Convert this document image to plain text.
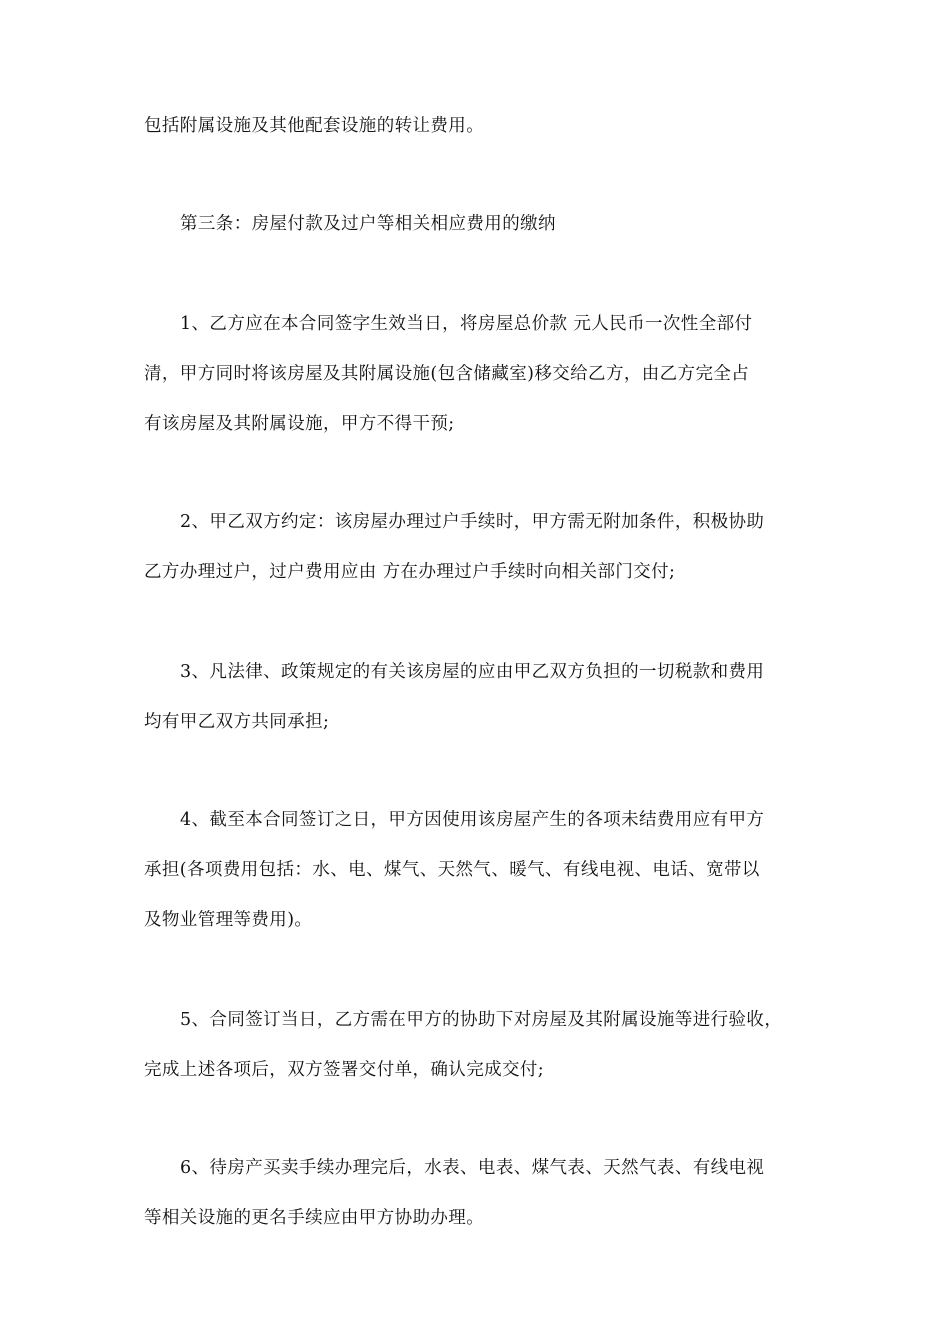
包括附属设施及其他配套设施的转让费用。
第三条：房屋付款及过户等相关相应费用的缴纳
1、乙方应在本合同签字生效当日，将房屋总价款 元人民币一次性全部付
清，甲方同时将该房屋及其附属设施(包含储藏室)移交给乙方，由乙方完全占
有该房屋及其附属设施，甲方不得干预;
2、甲乙双方约定：该房屋办理过户手续时，甲方需无附加条件，积极协助
乙方办理过户，过户费用应由 方在办理过户手续时向相关部门交付;
3、凡法律、政策规定的有关该房屋的应由甲乙双方负担的一切税款和费用
均有甲乙双方共同承担;
4、截至本合同签订之日，甲方因使用该房屋产生的各项未结费用应有甲方
承担(各项费用包括：水、电、煤气、天然气、暖气、有线电视、电话、宽带以
及物业管理等费用)。
5、合同签订当日，乙方需在甲方的协助下对房屋及其附属设施等进行验收，
完成上述各项后，双方签署交付单，确认完成交付;
6、待房产买卖手续办理完后，水表、电表、煤气表、天然气表、有线电视
等相关设施的更名手续应由甲方协助办理。
